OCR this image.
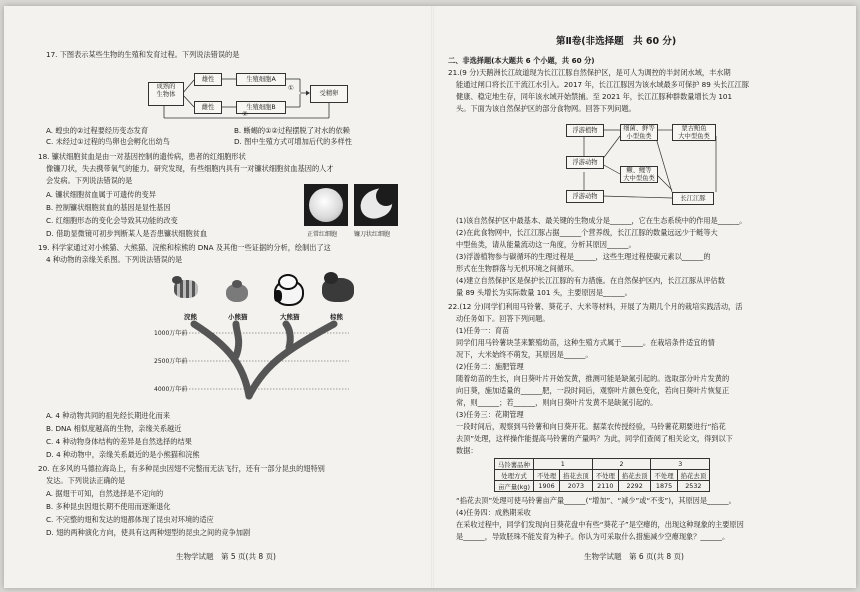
17. 下图表示某些生物的生殖和发育过程。下列说法错误的是
成熟的
生物体
雄性
雌性
生殖细胞A
生殖细胞B
受精卵
①
②
A. 蝗虫的②过程要经历变态发育	B. 蜥蜴的①②过程摆脱了对水的依赖
C. 未经过①过程的鸟卵也会孵化出幼鸟	D. 图中生殖方式可增加后代的多样性
18. 镰状细胞贫血是由一对基因控制的遗传病，患者的红细胞形状
像镰刀状，失去携带氧气的能力。研究发现，有些细胞内具有一对镰状细胞贫血基因的人才
会发病。下列说法错误的是
A. 镰状细胞贫血属于可遗传的变异
B. 控制镰状细胞贫血的基因是显性基因
C. 红细胞形态的变化会导致其功能的改变
D. 借助显微镜可初步判断某人是否患镰状细胞贫血	正常红细胞	镰刀状红细胞
19. 科学家通过对小熊猫、大熊猫、浣熊和棕熊的 DNA 及其他一些证据的分析，绘制出了这
4 种动物的亲缘关系图。下列说法错误的是
浣熊	小熊猫	大熊猫	棕熊
1000万年前
2500万年前
4000万年前
A. 4 种动物共同的祖先经长期进化而来
B. DNA 相似度越高的生物，亲缘关系越近
C. 4 种动物身体结构的差异是自然选择的结果
D. 4 种动物中，亲缘关系最近的是小熊猫和浣熊
20. 在多风的马德拉海岛上，有多种昆虫因翅不完整而无法飞行，还有一部分昆虫的翅特别
发达。下列说法正确的是
A. 据翅干可知，自然选择是不定向的
B. 多种昆虫因翅长期不使用而逐渐退化
C. 不完整的翅和发达的翅都体现了昆虫对环境的适应
D. 翅的两种演化方向，使具有这两种翅型的昆虫之间的竞争加剧
生物学试题　第 5 页(共 8 页)
第Ⅱ卷(非选择题　共 60 分)
二、非选择题(本大题共 6 个小题，共 60 分)
21.(9 分)天鹅洲长江故道现为长江江豚自然保护区，是可人为调控的半封闭水域，丰水期
能通过闸口将长江干流江水引入。2017 年，长江江豚因为该水域最多可保护 89 头长江江豚
健康、稳定地生存，同年该水域开始禁捕。至 2021 年，长江江豚种群数量增长为 101
头。下面为该自然保护区的部分食物网。回答下列问题。
浮游植物
浮游动物
浮游动物
细菌、鲜等
小型鱼类
鳜、鲤等
大中型鱼类
蒙古鲌鱼
大中型鱼类
长江江豚
(1)该自然保护区中最基本、最关键的生物成分是______，它在生态系统中的作用是______。
(2)在此食物网中，长江江豚占据______个营养级，长江江豚的数量远远少于鲢等大
中型鱼类，请从能量流动这一角度，分析其原因______。
(3)浮游植物参与碳循环的生理过程是______，这些生理过程使碳元素以______的
形式在生物群落与无机环境之间循环。
(4)建立自然保护区是保护长江江豚的有力措施。在自然保护区内，长江江豚从评估数
量 89 头增长为实际数量 101 头，主要原因是______。
22.(12 分)同学们利用马铃薯、葵花子、大米等材料，开展了为期几个月的栽培实践活动，活
动任务如下。回答下列问题。
(1)任务一：育苗
同学们用马铃薯块茎来繁殖幼苗，这种生殖方式属于______。在栽培条件适宜的情
况下，大米始终不萌发，其原因是______。
(2)任务二：施肥管理
随着幼苗的生长，向日葵叶片开始发黄，推测可能是缺氮引起的。选取部分叶片发黄的
向日葵，施加适量的______肥，一段时间后，观察叶片颜色变化，若向日葵叶片恢复正
常，则______；若______，则向日葵叶片发黄不是缺氮引起的。
(3)任务三：花期管理
一段时间后，观察到马铃薯和向日葵开花。据菜农传授经验，马铃薯花期要进行“掐花
去顶”处理，这样操作能提高马铃薯的产量吗？为此，同学们查阅了相关论文，得到以下
数据：
马铃薯品种	1		2		3	
处理方式	不处理	掐花去顶	不处理	掐花去顶	不处理	掐花去顶
亩产量(kg)	1906	2073	2110	2292	1875	2532
“掐花去顶”处理可使马铃薯亩产量______(“增加”、“减少”或“不变”)，其原因是______。
(4)任务四：成熟期采收
在采收过程中，同学们发现向日葵花盘中有些“葵花子”是空瘪的，出现这种现象的主要原因
是______，导致胚珠不能发育为种子。你认为可采取什么措施减少空瘪现象？______。
生物学试题　第 6 页(共 8 页)
